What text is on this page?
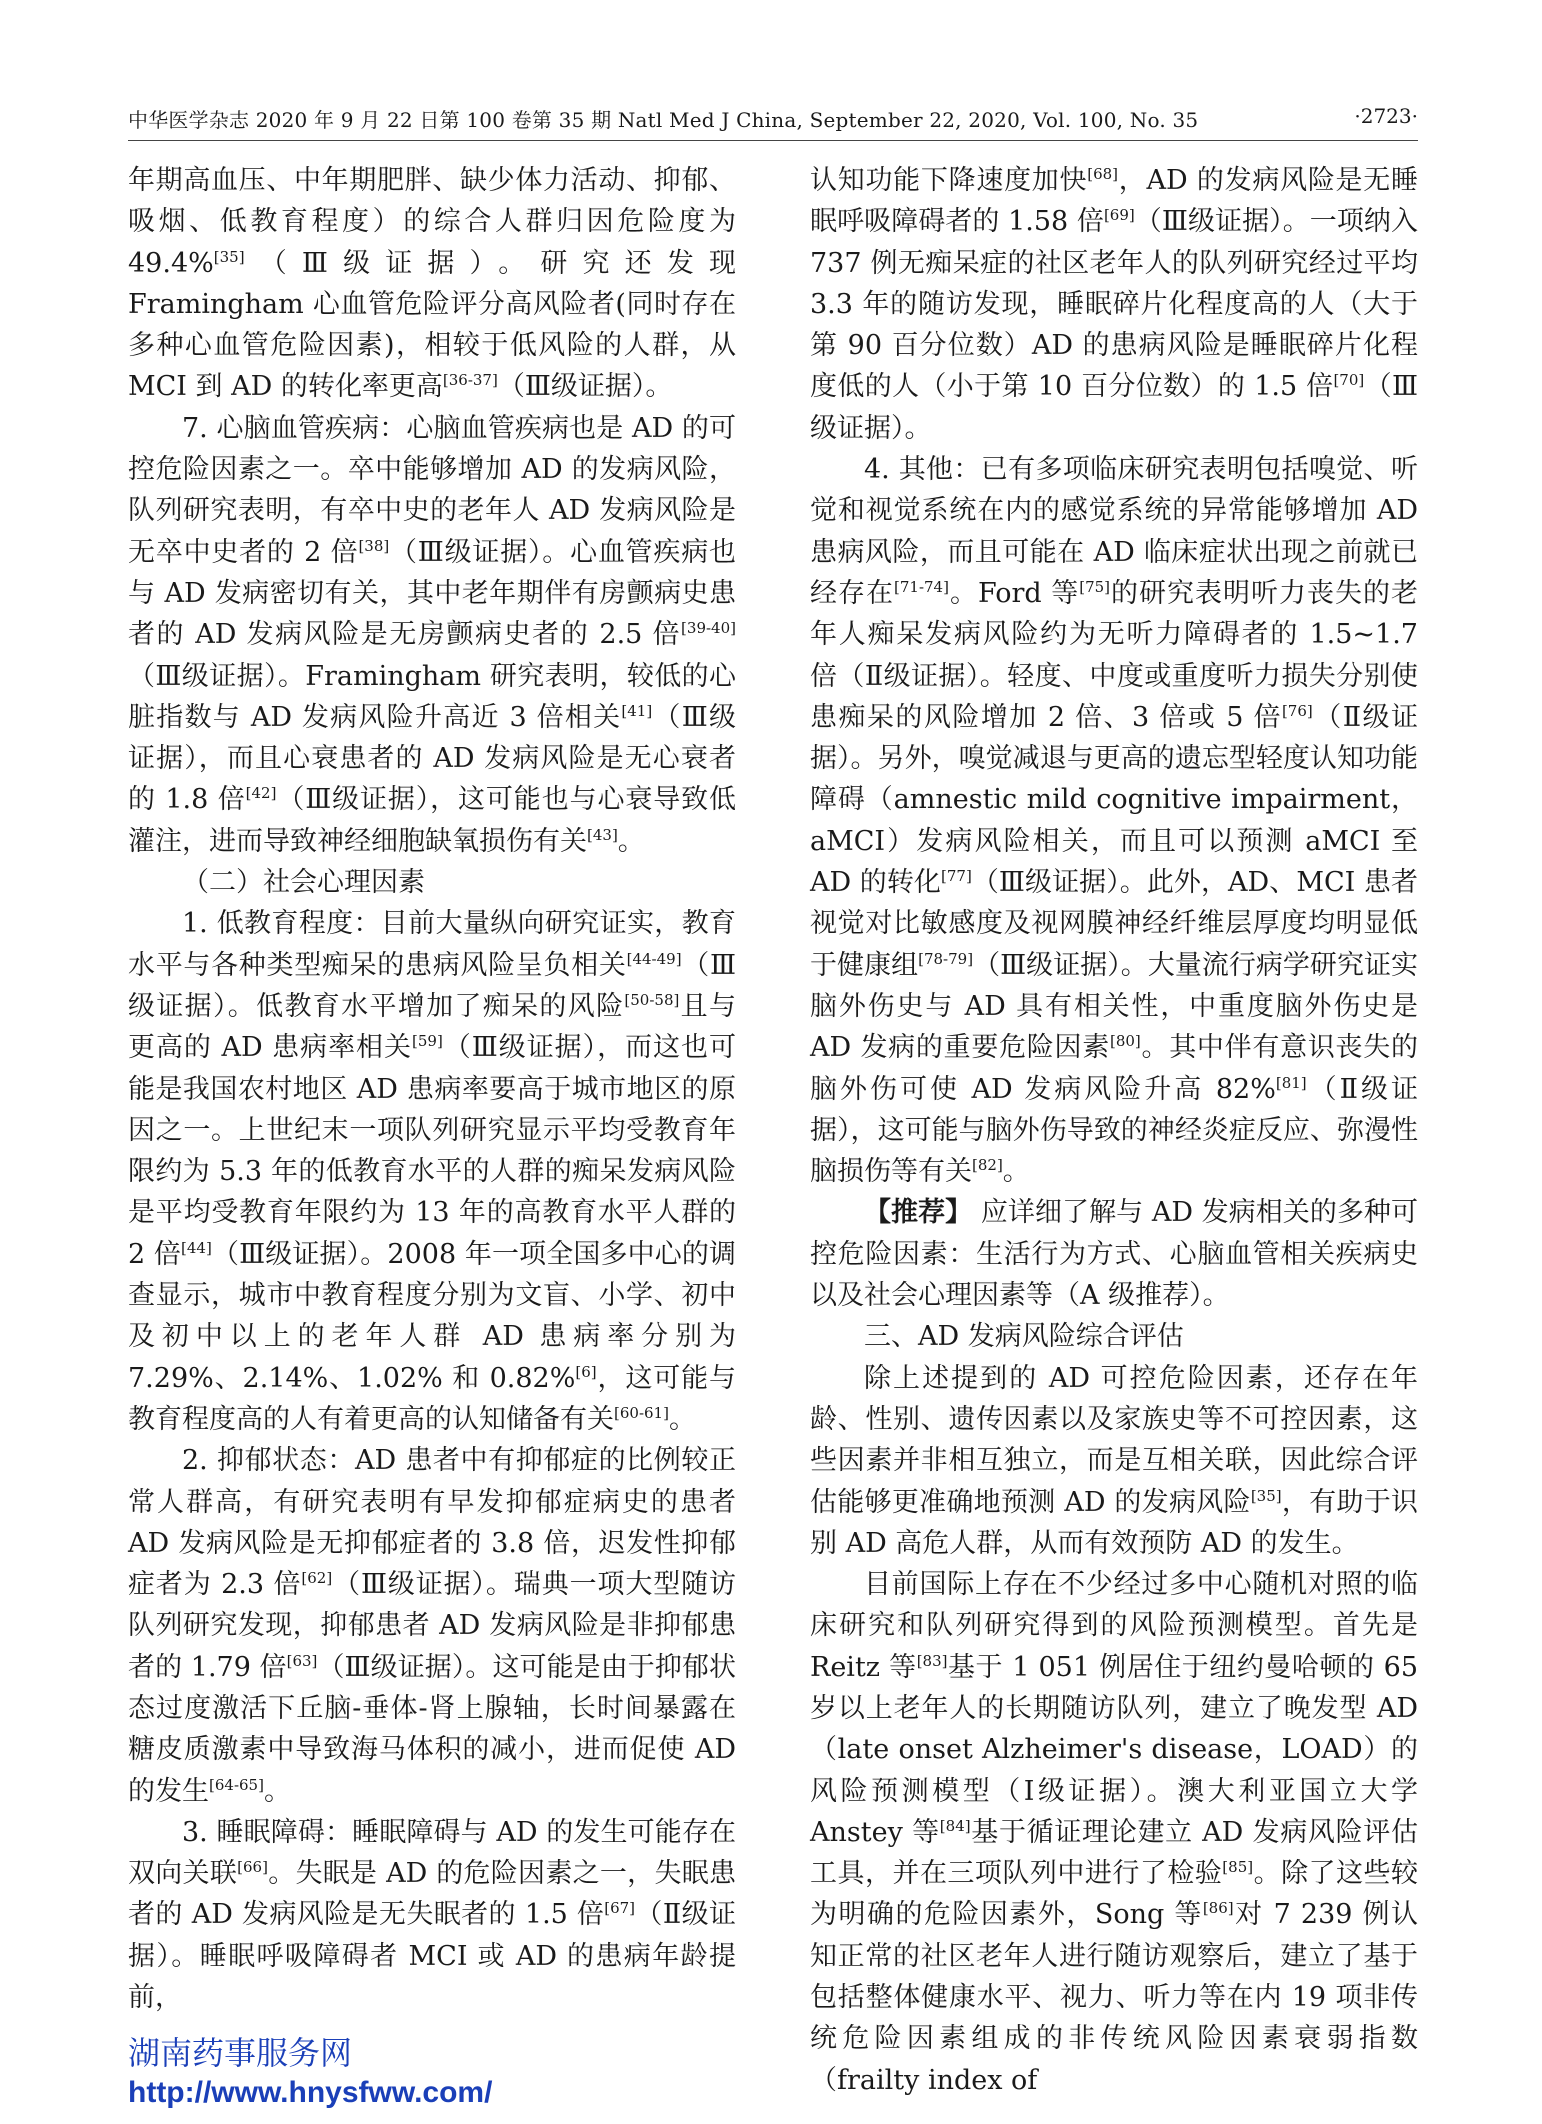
中华医学杂志 2020 年 9 月 22 日第 100 卷第 35 期 Natl Med J China, September 22, 2020, Vol. 100, No. 35	·2723·

年期高血压、中年期肥胖、缺少体力活动、抑郁、吸烟、低教育程度）的综合人群归因危险度为 49.4%[35]（Ⅲ级证据）。研究还发现 Framingham 心血管危险评分高风险者(同时存在多种心血管危险因素)，相较于低风险的人群，从 MCI 到 AD 的转化率更高[36-37]（Ⅲ级证据）。

7. 心脑血管疾病：心脑血管疾病也是 AD 的可控危险因素之一。卒中能够增加 AD 的发病风险，队列研究表明，有卒中史的老年人 AD 发病风险是无卒中史者的 2 倍[38]（Ⅲ级证据）。心血管疾病也与 AD 发病密切有关，其中老年期伴有房颤病史患者的 AD 发病风险是无房颤病史者的 2.5 倍[39-40]（Ⅲ级证据）。Framingham 研究表明，较低的心脏指数与 AD 发病风险升高近 3 倍相关[41]（Ⅲ级证据），而且心衰患者的 AD 发病风险是无心衰者的 1.8 倍[42]（Ⅲ级证据），这可能也与心衰导致低灌注，进而导致神经细胞缺氧损伤有关[43]。

（二）社会心理因素

1. 低教育程度：目前大量纵向研究证实，教育水平与各种类型痴呆的患病风险呈负相关[44-49]（Ⅲ级证据）。低教育水平增加了痴呆的风险[50-58]且与更高的 AD 患病率相关[59]（Ⅲ级证据），而这也可能是我国农村地区 AD 患病率要高于城市地区的原因之一。上世纪末一项队列研究显示平均受教育年限约为 5.3 年的低教育水平的人群的痴呆发病风险是平均受教育年限约为 13 年的高教育水平人群的 2 倍[44]（Ⅲ级证据）。2008 年一项全国多中心的调查显示，城市中教育程度分别为文盲、小学、初中及初中以上的老年人群 AD 患病率分别为 7.29%、2.14%、1.02% 和 0.82%[6]，这可能与教育程度高的人有着更高的认知储备有关[60-61]。

2. 抑郁状态：AD 患者中有抑郁症的比例较正常人群高，有研究表明有早发抑郁症病史的患者 AD 发病风险是无抑郁症者的 3.8 倍，迟发性抑郁症者为 2.3 倍[62]（Ⅲ级证据）。瑞典一项大型随访队列研究发现，抑郁患者 AD 发病风险是非抑郁患者的 1.79 倍[63]（Ⅲ级证据）。这可能是由于抑郁状态过度激活下丘脑-垂体-肾上腺轴，长时间暴露在糖皮质激素中导致海马体积的减小，进而促使 AD 的发生[64-65]。

3. 睡眠障碍：睡眠障碍与 AD 的发生可能存在双向关联[66]。失眠是 AD 的危险因素之一，失眠患者的 AD 发病风险是无失眠者的 1.5 倍[67]（Ⅱ级证据）。睡眠呼吸障碍者 MCI 或 AD 的患病年龄提前，

认知功能下降速度加快[68]，AD 的发病风险是无睡眠呼吸障碍者的 1.58 倍[69]（Ⅲ级证据）。一项纳入 737 例无痴呆症的社区老年人的队列研究经过平均 3.3 年的随访发现，睡眠碎片化程度高的人（大于第 90 百分位数）AD 的患病风险是睡眠碎片化程度低的人（小于第 10 百分位数）的 1.5 倍[70]（Ⅲ级证据）。

4. 其他：已有多项临床研究表明包括嗅觉、听觉和视觉系统在内的感觉系统的异常能够增加 AD 患病风险，而且可能在 AD 临床症状出现之前就已经存在[71-74]。Ford 等[75]的研究表明听力丧失的老年人痴呆发病风险约为无听力障碍者的 1.5~1.7 倍（Ⅱ级证据）。轻度、中度或重度听力损失分别使患痴呆的风险增加 2 倍、3 倍或 5 倍[76]（Ⅱ级证据）。另外，嗅觉减退与更高的遗忘型轻度认知功能障碍（amnestic mild cognitive impairment，aMCI）发病风险相关，而且可以预测 aMCI 至 AD 的转化[77]（Ⅲ级证据）。此外，AD、MCI 患者视觉对比敏感度及视网膜神经纤维层厚度均明显低于健康组[78-79]（Ⅲ级证据）。大量流行病学研究证实脑外伤史与 AD 具有相关性，中重度脑外伤史是 AD 发病的重要危险因素[80]。其中伴有意识丧失的脑外伤可使 AD 发病风险升高 82%[81]（Ⅱ级证据），这可能与脑外伤导致的神经炎症反应、弥漫性脑损伤等有关[82]。

【推荐】 应详细了解与 AD 发病相关的多种可控危险因素：生活行为方式、心脑血管相关疾病史以及社会心理因素等（A 级推荐）。

三、AD 发病风险综合评估

除上述提到的 AD 可控危险因素，还存在年龄、性别、遗传因素以及家族史等不可控因素，这些因素并非相互独立，而是互相关联，因此综合评估能够更准确地预测 AD 的发病风险[35]，有助于识别 AD 高危人群，从而有效预防 AD 的发生。

目前国际上存在不少经过多中心随机对照的临床研究和队列研究得到的风险预测模型。首先是 Reitz 等[83]基于 1 051 例居住于纽约曼哈顿的 65 岁以上老年人的长期随访队列，建立了晚发型 AD（late onset Alzheimer's disease，LOAD）的风险预测模型（Ⅰ级证据）。澳大利亚国立大学 Anstey 等[84]基于循证理论建立 AD 发病风险评估工具，并在三项队列中进行了检验[85]。除了这些较为明确的危险因素外，Song 等[86]对 7 239 例认知正常的社区老年人进行随访观察后，建立了基于包括整体健康水平、视力、听力等在内 19 项非传统危险因素组成的非传统风险因素衰弱指数（frailty index of

湖南药事服务网
http://www.hnysfww.com/
